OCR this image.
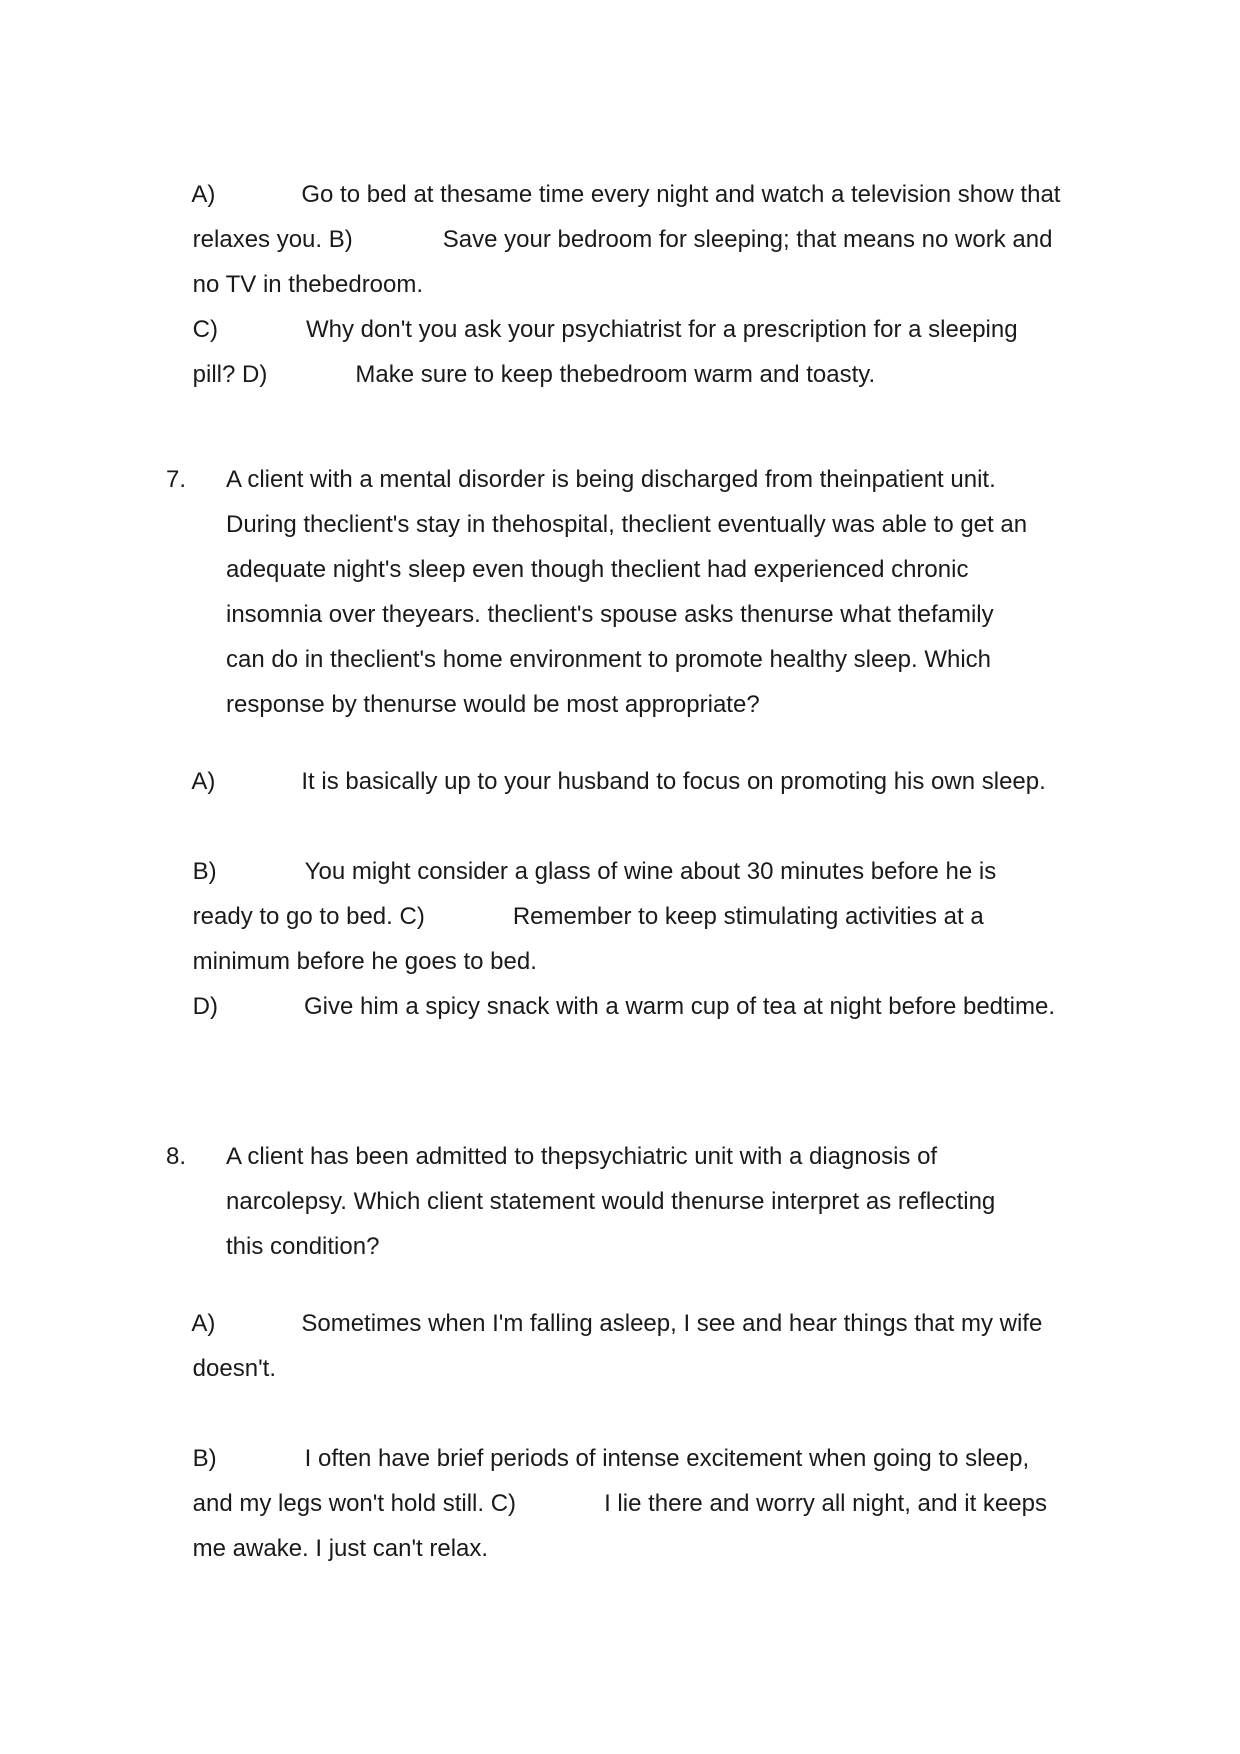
A)	Go to bed at thesame time every night and watch a television show that

relaxes you. B)	Save your bedroom for sleeping; that means no work and

no TV in thebedroom.

C)	Why don't you ask your psychiatrist for a prescription for a sleeping

pill? D)	Make sure to keep thebedroom warm and toasty.

7. A client with a mental disorder is being discharged from theinpatient unit.
During theclient's stay in thehospital, theclient eventually was able to get an
adequate night's sleep even though theclient had experienced chronic
insomnia over theyears. theclient's spouse asks thenurse what thefamily
can do in theclient's home environment to promote healthy sleep. Which
response by thenurse would be most appropriate?

A)	It is basically up to your husband to focus on promoting his own sleep.

B)	You might consider a glass of wine about 30 minutes before he is

ready to go to bed. C)	Remember to keep stimulating activities at a

minimum before he goes to bed.

D)	Give him a spicy snack with a warm cup of tea at night before bedtime.

8. A client has been admitted to thepsychiatric unit with a diagnosis of
narcolepsy. Which client statement would thenurse interpret as reflecting
this condition?

A)	Sometimes when I'm falling asleep, I see and hear things that my wife

doesn't.

B)	I often have brief periods of intense excitement when going to sleep,

and my legs won't hold still. C)	I lie there and worry all night, and it keeps

me awake. I just can't relax.
